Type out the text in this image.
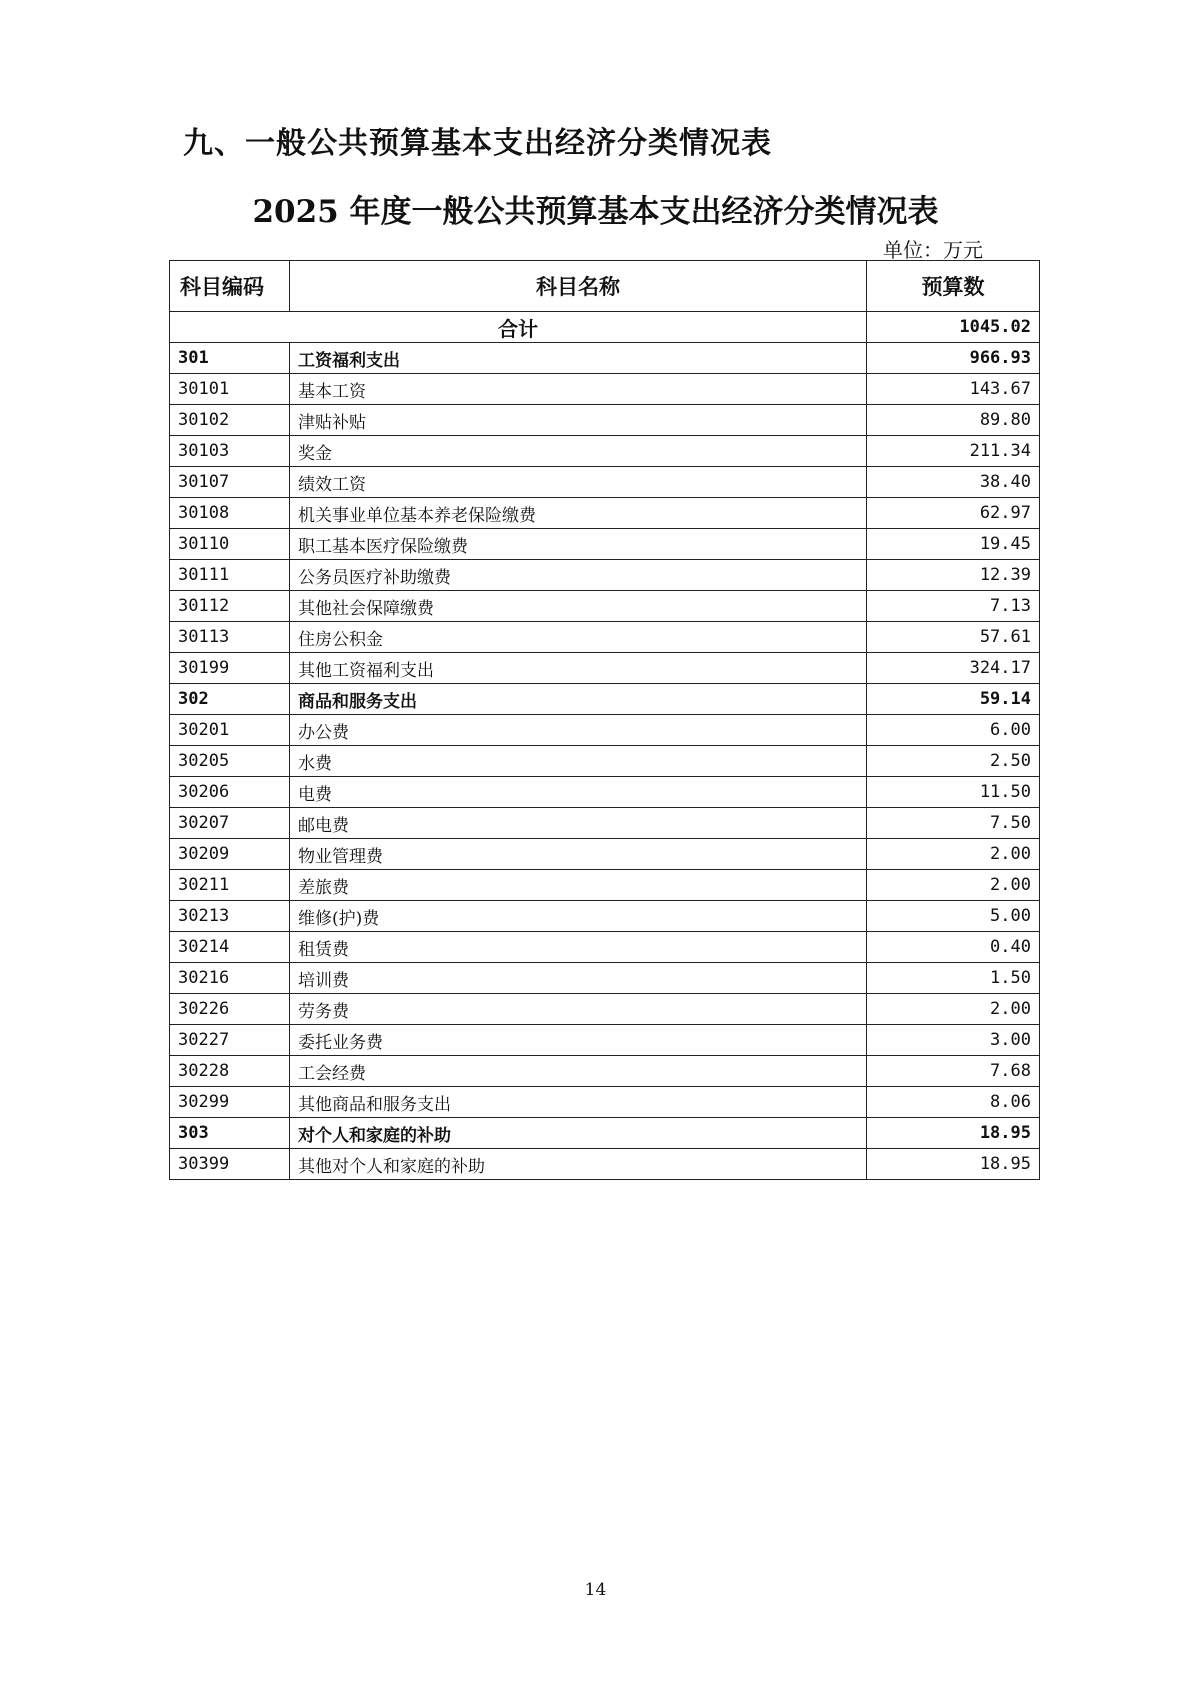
九、一般公共预算基本支出经济分类情况表
2025 年度一般公共预算基本支出经济分类情况表
单位：万元
科目编码	科目名称	预算数
合计		1045.02
301	工资福利支出	966.93
30101	基本工资	143.67
30102	津贴补贴	89.80
30103	奖金	211.34
30107	绩效工资	38.40
30108	机关事业单位基本养老保险缴费	62.97
30110	职工基本医疗保险缴费	19.45
30111	公务员医疗补助缴费	12.39
30112	其他社会保障缴费	7.13
30113	住房公积金	57.61
30199	其他工资福利支出	324.17
302	商品和服务支出	59.14
30201	办公费	6.00
30205	水费	2.50
30206	电费	11.50
30207	邮电费	7.50
30209	物业管理费	2.00
30211	差旅费	2.00
30213	维修(护)费	5.00
30214	租赁费	0.40
30216	培训费	1.50
30226	劳务费	2.00
30227	委托业务费	3.00
30228	工会经费	7.68
30299	其他商品和服务支出	8.06
303	对个人和家庭的补助	18.95
30399	其他对个人和家庭的补助	18.95
14
